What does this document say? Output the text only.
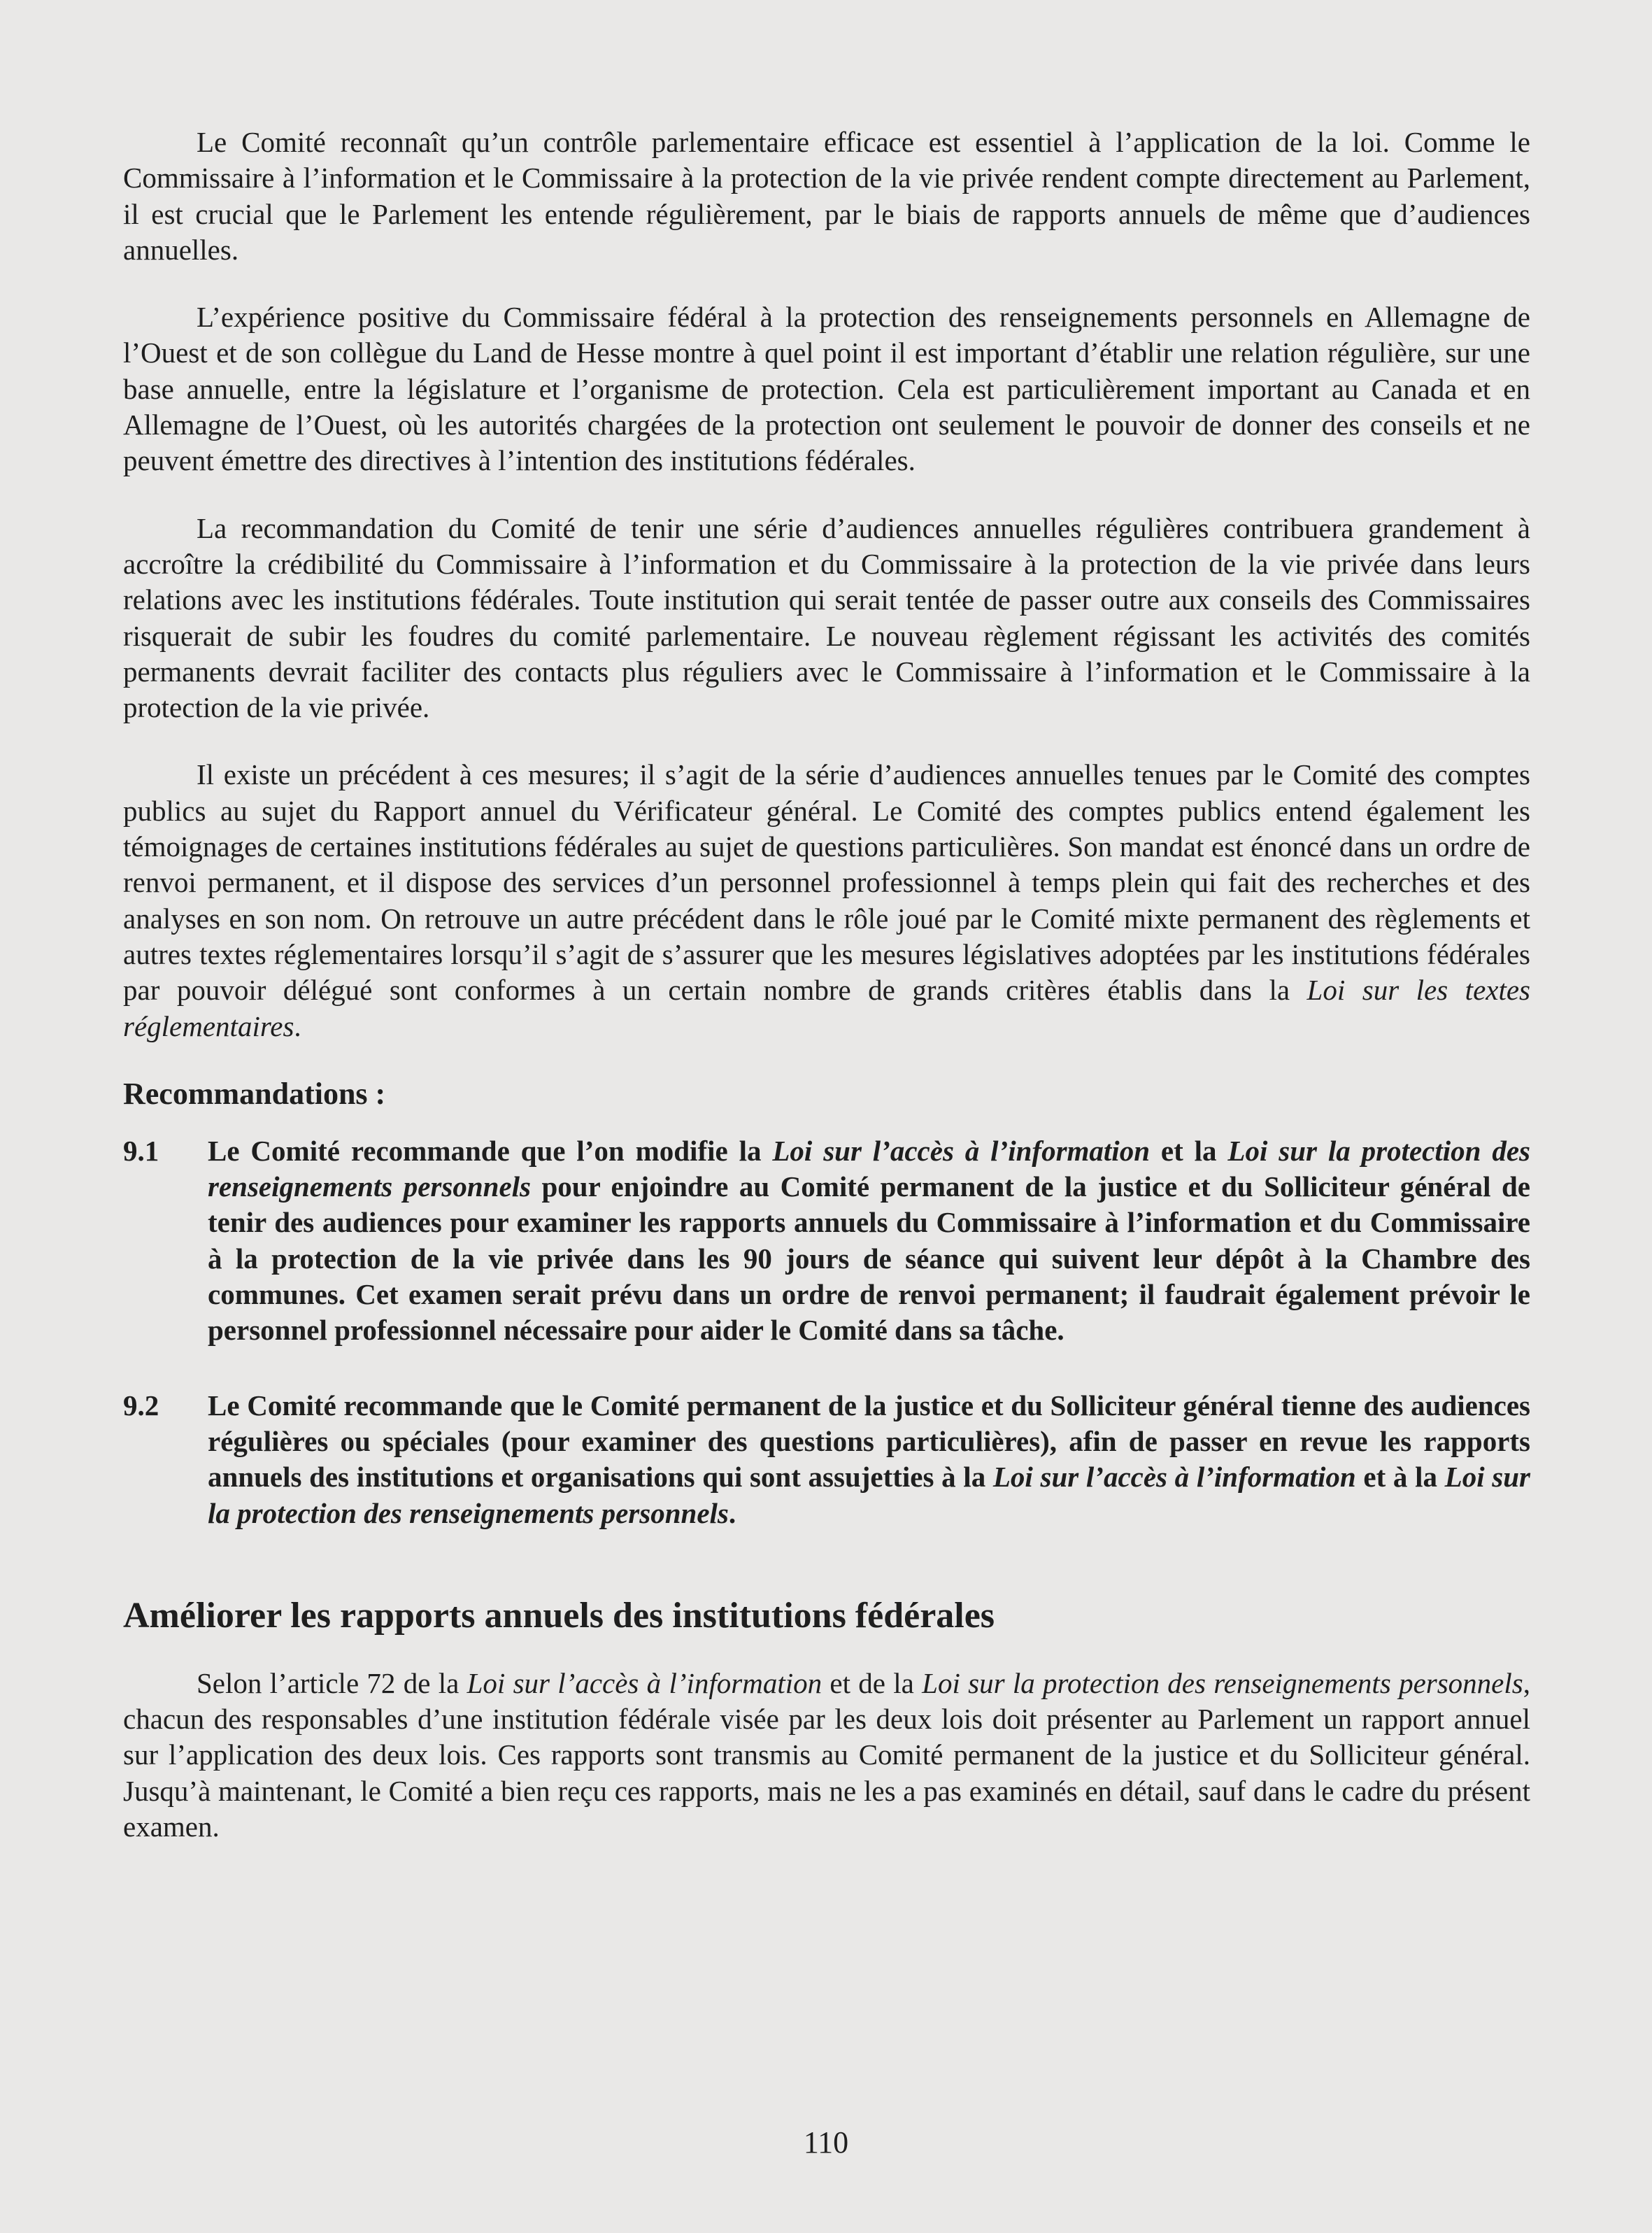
Le Comité reconnaît qu’un contrôle parlementaire efficace est essentiel à l’application de la loi. Comme le Commissaire à l’information et le Commissaire à la protection de la vie privée rendent compte directement au Parlement, il est crucial que le Parlement les entende régulièrement, par le biais de rapports annuels de même que d’audiences annuelles.

L’expérience positive du Commissaire fédéral à la protection des renseignements personnels en Allemagne de l’Ouest et de son collègue du Land de Hesse montre à quel point il est important d’établir une relation régulière, sur une base annuelle, entre la législature et l’organisme de protection. Cela est particulièrement important au Canada et en Allemagne de l’Ouest, où les autorités chargées de la protection ont seulement le pouvoir de donner des conseils et ne peuvent émettre des directives à l’intention des institutions fédérales.

La recommandation du Comité de tenir une série d’audiences annuelles régulières contribuera grandement à accroître la crédibilité du Commissaire à l’information et du Commissaire à la protection de la vie privée dans leurs relations avec les institutions fédérales. Toute institution qui serait tentée de passer outre aux conseils des Commissaires risquerait de subir les foudres du comité parlementaire. Le nouveau règlement régissant les activités des comités permanents devrait faciliter des contacts plus réguliers avec le Commissaire à l’information et le Commissaire à la protection de la vie privée.

Il existe un précédent à ces mesures; il s’agit de la série d’audiences annuelles tenues par le Comité des comptes publics au sujet du Rapport annuel du Vérificateur général. Le Comité des comptes publics entend également les témoignages de certaines institutions fédérales au sujet de questions particulières. Son mandat est énoncé dans un ordre de renvoi permanent, et il dispose des services d’un personnel professionnel à temps plein qui fait des recherches et des analyses en son nom. On retrouve un autre précédent dans le rôle joué par le Comité mixte permanent des règlements et autres textes réglementaires lorsqu’il s’agit de s’assurer que les mesures législatives adoptées par les institutions fédérales par pouvoir délégué sont conformes à un certain nombre de grands critères établis dans la Loi sur les textes réglementaires.

Recommandations :
9.1 Le Comité recommande que l’on modifie la Loi sur l’accès à l’information et la Loi sur la protection des renseignements personnels pour enjoindre au Comité permanent de la justice et du Solliciteur général de tenir des audiences pour examiner les rapports annuels du Commissaire à l’information et du Commissaire à la protection de la vie privée dans les 90 jours de séance qui suivent leur dépôt à la Chambre des communes. Cet examen serait prévu dans un ordre de renvoi permanent; il faudrait également prévoir le personnel professionnel nécessaire pour aider le Comité dans sa tâche.
9.2 Le Comité recommande que le Comité permanent de la justice et du Solliciteur général tienne des audiences régulières ou spéciales (pour examiner des questions particulières), afin de passer en revue les rapports annuels des institutions et organisations qui sont assujetties à la Loi sur l’accès à l’information et à la Loi sur la protection des renseignements personnels.
Améliorer les rapports annuels des institutions fédérales

Selon l’article 72 de la Loi sur l’accès à l’information et de la Loi sur la protection des renseignements personnels, chacun des responsables d’une institution fédérale visée par les deux lois doit présenter au Parlement un rapport annuel sur l’application des deux lois. Ces rapports sont transmis au Comité permanent de la justice et du Solliciteur général. Jusqu’à maintenant, le Comité a bien reçu ces rapports, mais ne les a pas examinés en détail, sauf dans le cadre du présent examen.

110
